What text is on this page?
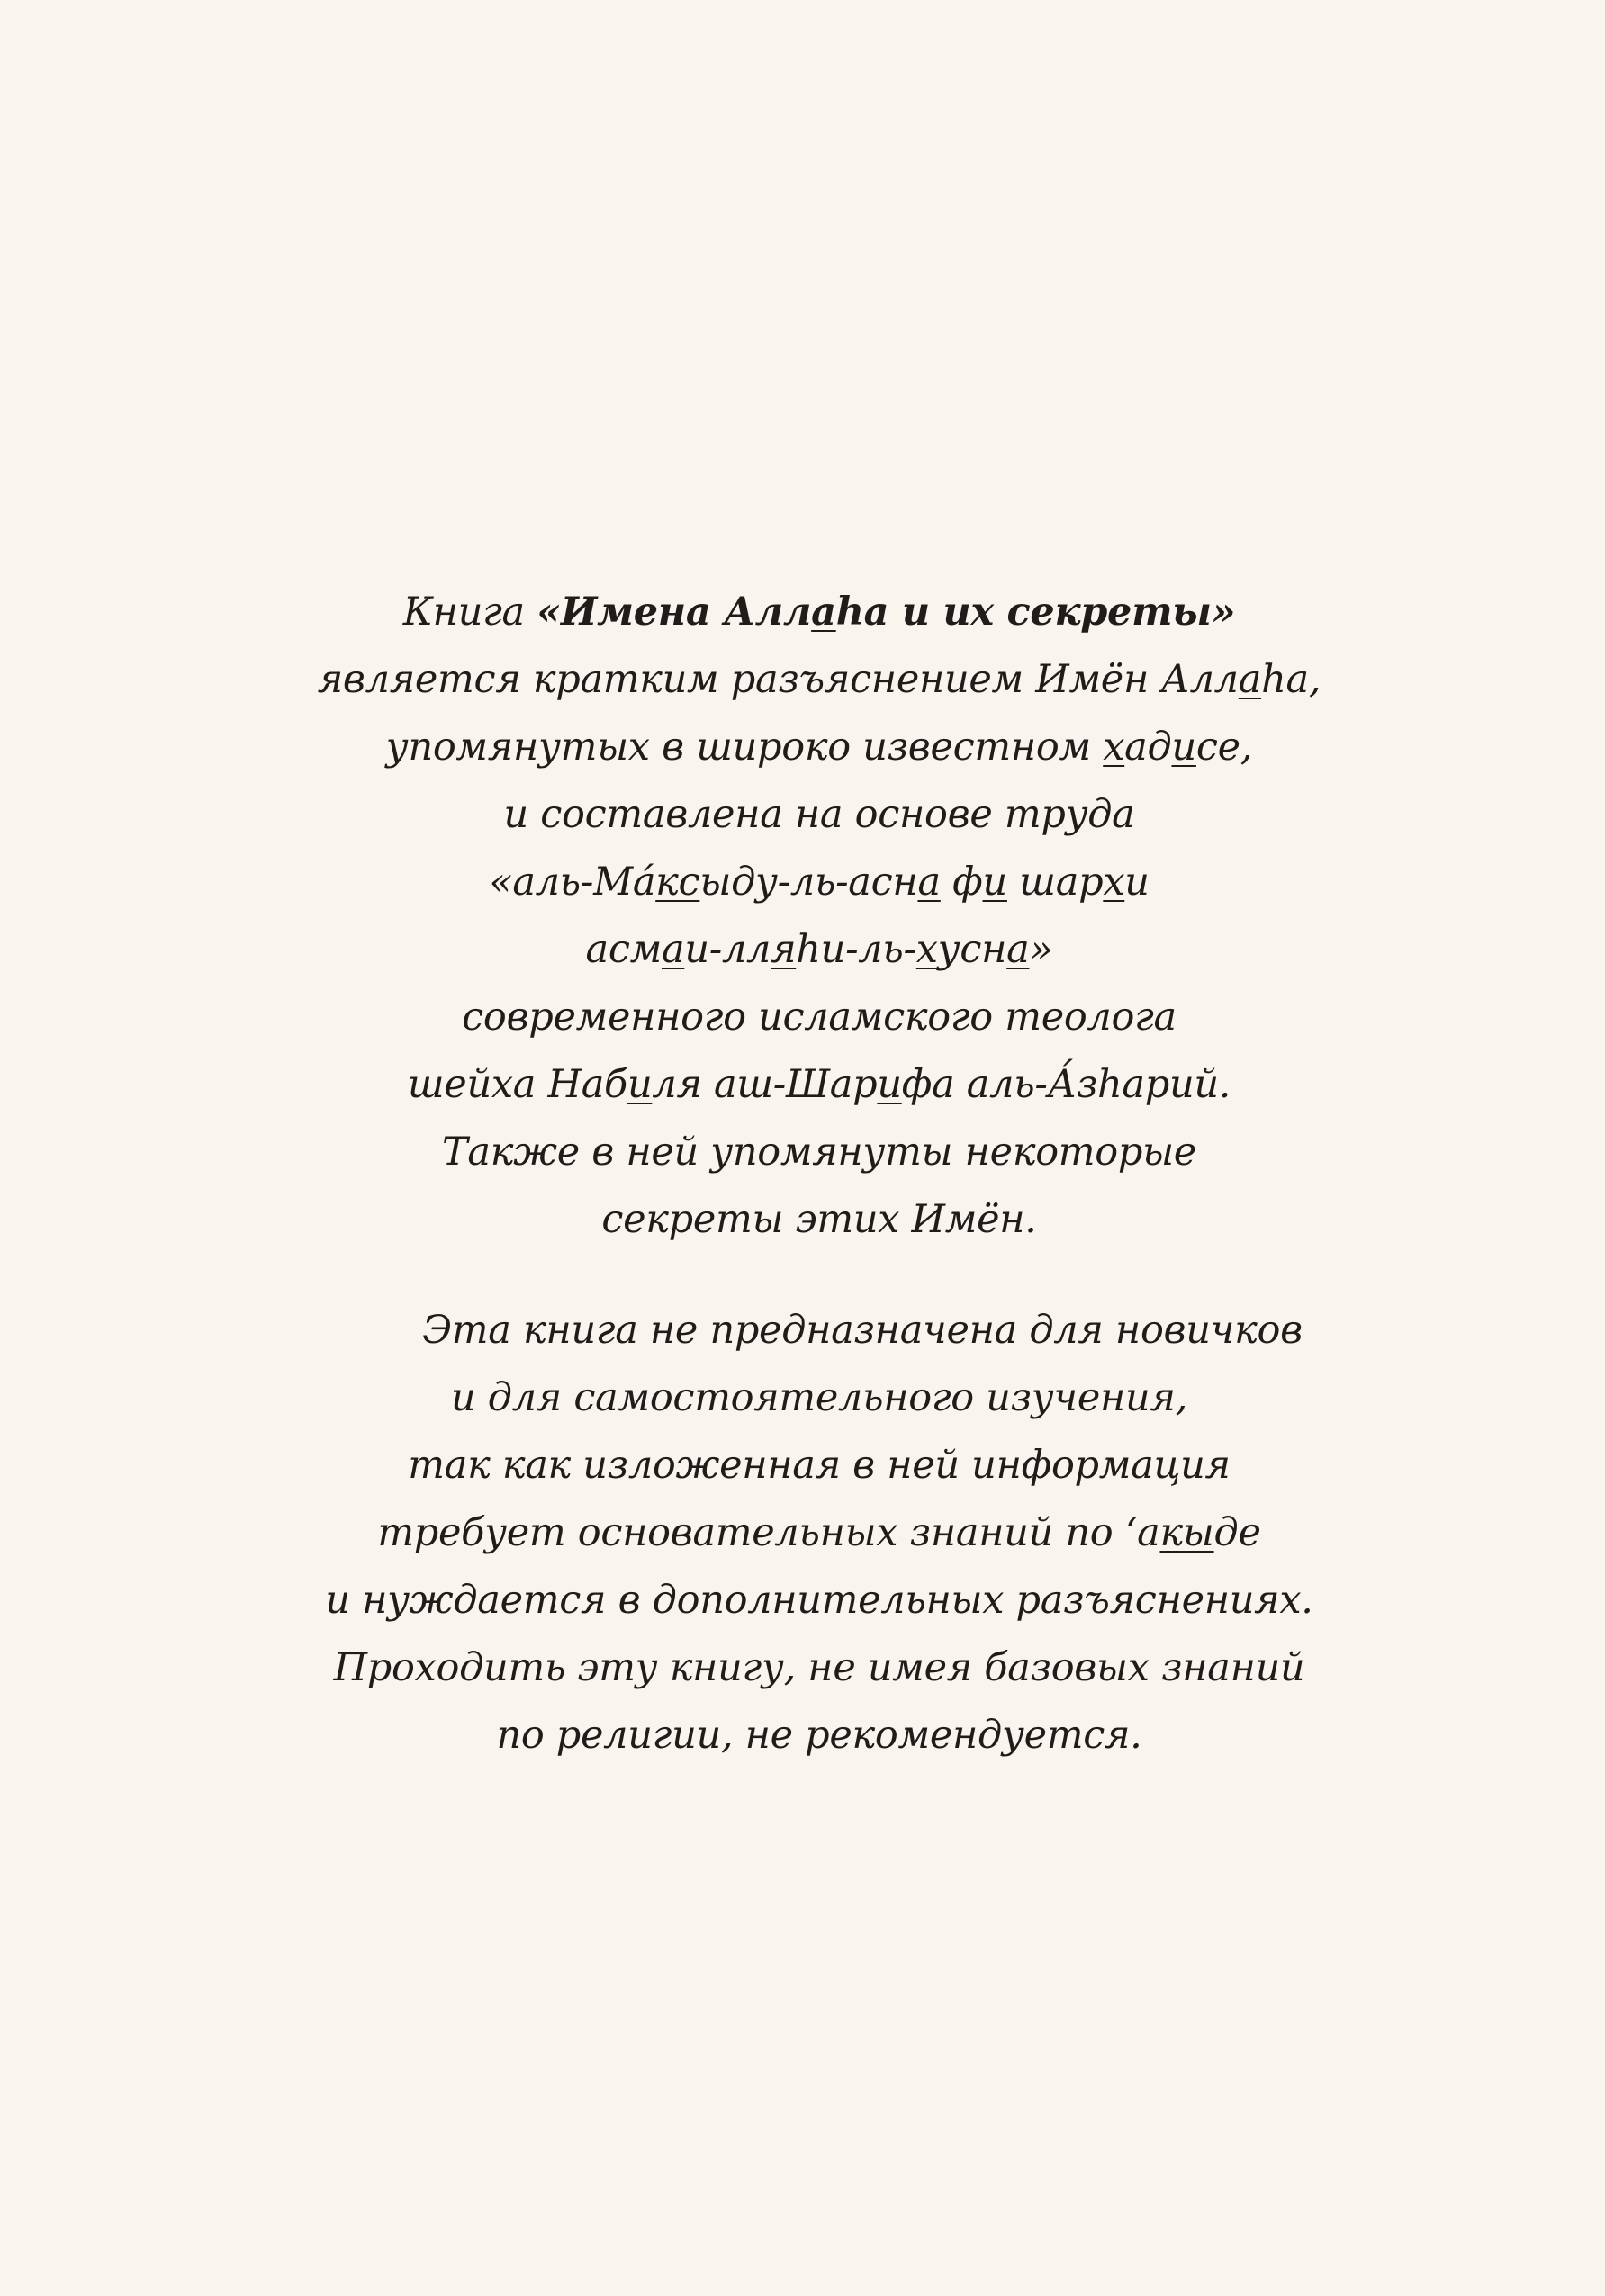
Книга «Имена Аллаha и их секреты»
является кратким разъяснением Имён Аллаha,
упомянутых в широко известном хадисе,
и составлена на основе труда
«аль-Ма́ксыду-ль-асна фи шархи
асмаи-лляhи-ль-хусна»
современного исламского теолога
шейха Набиля аш-Шарифа аль-А́зhарий.
Также в ней упомянуты некоторые
секреты этих Имён.
Эта книга не предназначена для новичков
и для самостоятельного изучения,
так как изложенная в ней информация
требует основательных знаний по ‘акыде
и нуждается в дополнительных разъяснениях.
Проходить эту книгу, не имея базовых знаний
по религии, не рекомендуется.
